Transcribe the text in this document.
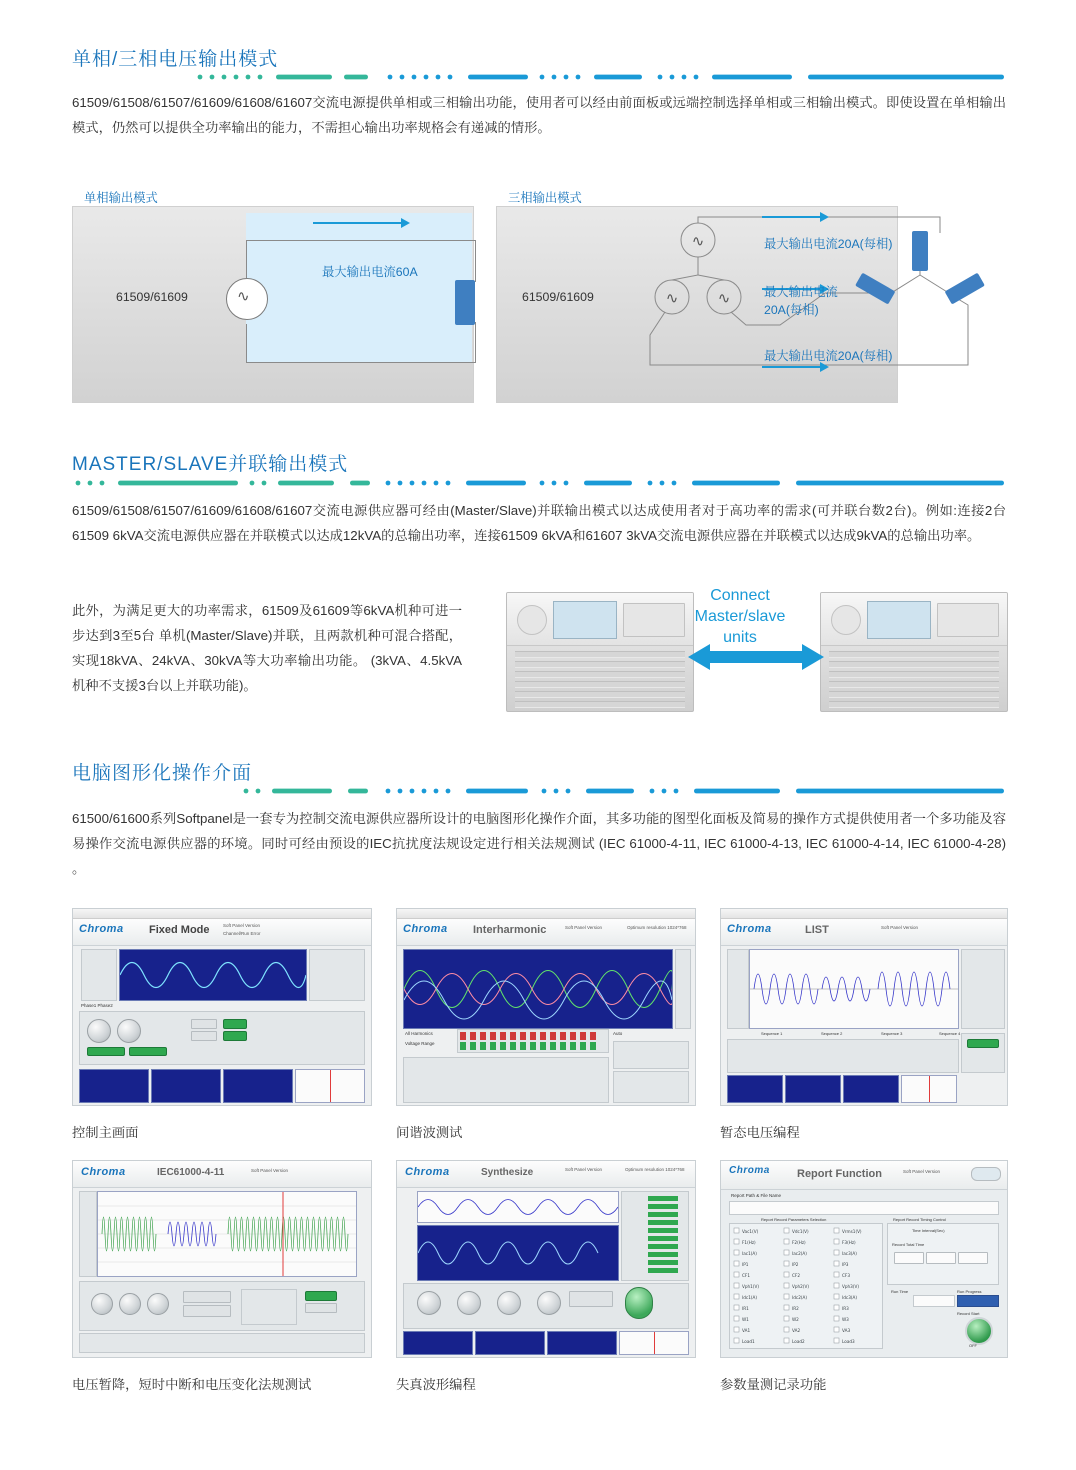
单相/三相电压输出模式
61509/61508/61507/61609/61608/61607交流电源提供单相或三相输出功能，使用者可以经由前面板或远端控制选择单相或三相输出模式。即使设置在单相输出模式，仍然可以提供全功率输出的能力，不需担心输出功率规格会有递减的情形。
单相输出模式
∿
61509/61609
最大输出电流60A
三相输出模式
61509/61609
∿
∿	∿
最大输出电流20A(每相)
最大输出电流
20A(每相)
最大输出电流20A(每相)
MASTER/SLAVE并联输出模式
61509/61508/61507/61609/61608/61607交流电源供应器可经由(Master/Slave)并联输出模式以达成使用者对于高功率的需求(可并联台数2台)。例如:连接2台61509 6kVA交流电源供应器在并联模式以达成12kVA的总输出功率，连接61509 6kVA和61607 3kVA交流电源供应器在并联模式以达成9kVA的总输出功率。
此外，为满足更大的功率需求，61509及61609等6kVA机种可进一步达到3至5台 单机(Master/Slave)并联，且两款机种可混合搭配，实现18kVA、24kVA、30kVA等大功率输出功能。 (3kVA、4.5kVA机种不支援3台以上并联功能)。
Connect
Master/slave
units
电脑图形化操作介面
61500/61600系列Softpanel是一套专为控制交流电源供应器所设计的电脑图形化操作介面，其多功能的图型化面板及简易的操作方式提供使用者一个多功能及容易操作交流电源供应器的环境。同时可经由预设的IEC抗扰度法规设定进行相关法规测试 (IEC 61000-4-11, IEC 61000-4-13, IEC 61000-4-14, IEC 61000-4-28) 。
Chroma Fixed Mode	Soft Panel Version
Channel/Run Error
Phase1 Phase2
控制主画面
Chroma Interharmonic	Soft Panel Version	Optimum resolution 1024*768
All Harmonics
Voltage Range
Auto
间谐波测试
Chroma	LIST	Soft Panel Version
Sequence 1	Sequence 2	Sequence 3	Sequence 4
暂态电压编程
Chroma	IEC61000-4-11	Soft Panel Version
电压暂降，短时中断和电压变化法规测试
Chroma	Synthesize	Soft Panel Version	Optimum resolution 1024*768
失真波形编程
Chroma Report Function	Soft Panel Version
Report Path & File Name
Report Record Parameters Selection	Report Record Timing Control
Vac1(V)	Vdc1(V)	Vrms1(V)
F1(Hz)	F2(Hz)	F3(Hz)
Iac1(A)	Iac2(A)	Iac3(A)
IP1	IP2	IP3
CF1	CF2	CF3
Vph1(V)	Vph2(V)	Vph3(V)
Idc1(A)	Idc2(A)	Idc3(A)
IR1	IR2	IR3
W1	W2	W3
VA1	VA2	VA3
Load1	Load2	Load3
Time Interval(Sec)
Record Total Time
Run Time	Run Progress
Record Start
OFF
参数量测记录功能
